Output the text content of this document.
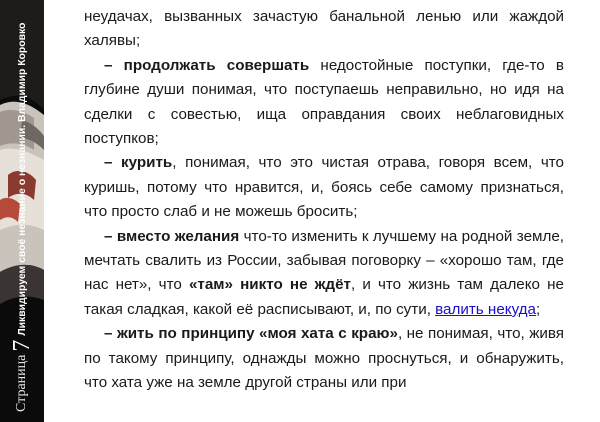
Страница
7
Ликвидируем своё незнание о незнании. Владимир Коровко

неудачах, вызванных зачастую банальной ленью или жаждой халявы;

– продолжать совершать недостойные поступки, где-то в глубине души понимая, что поступаешь неправильно, но идя на сделки с совестью, ища оправдания своих неблаговидных поступков;

– курить, понимая, что это чистая отрава, говоря всем, что куришь, потому что нравится, и, боясь себе самому признаться, что просто слаб и не можешь бросить;

– вместо желания что-то изменить к лучшему на родной земле, мечтать свалить из России, забывая поговорку – «хорошо там, где нас нет», что «там» никто не ждёт, и что жизнь там далеко не такая сладкая, какой её расписывают, и, по сути, валить некуда;

– жить по принципу «моя хата с краю», не понимая, что, живя по такому принципу, однажды можно проснуться, и обнаружить, что хата уже на земле другой страны или при
